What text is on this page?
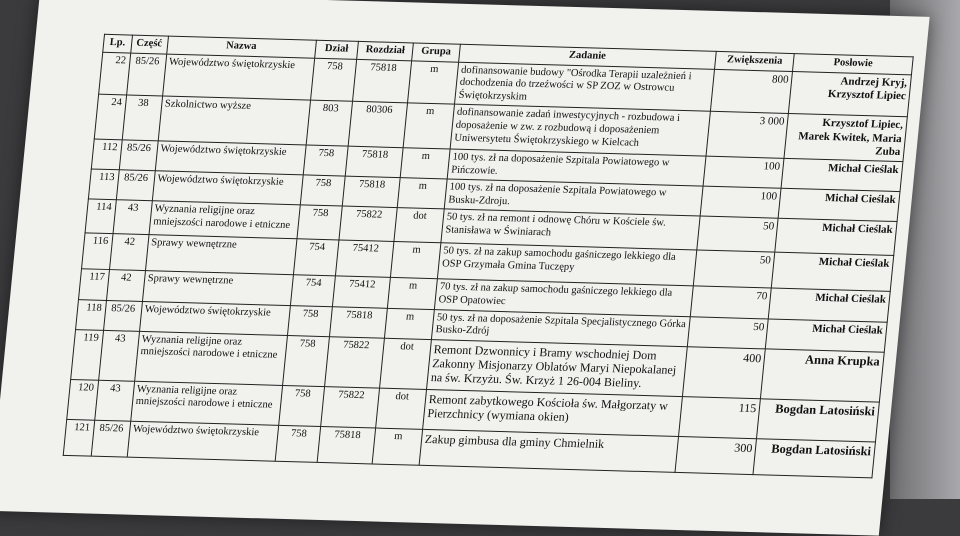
Lp.	Część	Nazwa	Dział	Rozdział	Grupa	Zadanie	Zwiększenia	Posłowie
22	85/26	Województwo świętokrzyskie	758	75818	m	dofinansowanie budowy "Ośrodka Terapii uzależnień i dochodzenia do trzeźwości w SP ZOZ w Ostrowcu Świętokrzyskim	800	Andrzej Kryj, Krzysztof Lipiec
24	38	Szkolnictwo wyższe	803	80306	m	dofinansowanie zadań inwestycyjnych - rozbudowa i doposażenie w zw. z rozbudową i doposażeniem Uniwersytetu Świętokrzyskiego w Kielcach	3 000	Krzysztof Lipiec, Marek Kwitek, Maria Zuba
112	85/26	Województwo świętokrzyskie	758	75818	m	100 tys. zł na doposażenie Szpitala Powiatowego w Pińczowie.	100	Michał Cieślak
113	85/26	Województwo świętokrzyskie	758	75818	m	100 tys. zł na doposażenie Szpitala Powiatowego w Busku-Zdroju.	100	Michał Cieślak
114	43	Wyznania religijne oraz mniejszości narodowe i etniczne	758	75822	dot	50 tys. zł na remont i odnowę Chóru w Kościele św. Stanisława w Świniarach	50	Michał Cieślak
116	42	Sprawy wewnętrzne	754	75412	m	50 tys. zł na zakup samochodu gaśniczego lekkiego dla OSP Grzymała Gmina Tuczępy	50	Michał Cieślak
117	42	Sprawy wewnętrzne	754	75412	m	70 tys. zł na zakup samochodu gaśniczego lekkiego dla OSP Opatowiec	70	Michał Cieślak
118	85/26	Województwo świętokrzyskie	758	75818	m	50 tys. zł na doposażenie Szpitala Specjalistycznego Górka Busko-Zdrój	50	Michał Cieślak
119	43	Wyznania religijne oraz mniejszości narodowe i etniczne	758	75822	dot	Remont Dzwonnicy i Bramy wschodniej Dom Zakonny Misjonarzy Oblatów Maryi Niepokalanej na św. Krzyżu. Św. Krzyż 1 26-004 Bieliny.	400	Anna Krupka
120	43	Wyznania religijne oraz mniejszości narodowe i etniczne	758	75822	dot	Remont zabytkowego Kościoła św. Małgorzaty w Pierzchnicy (wymiana okien)	115	Bogdan Latosiński
121	85/26	Województwo świętokrzyskie	758	75818	m	Zakup gimbusa dla gminy Chmielnik	300	Bogdan Latosiński
